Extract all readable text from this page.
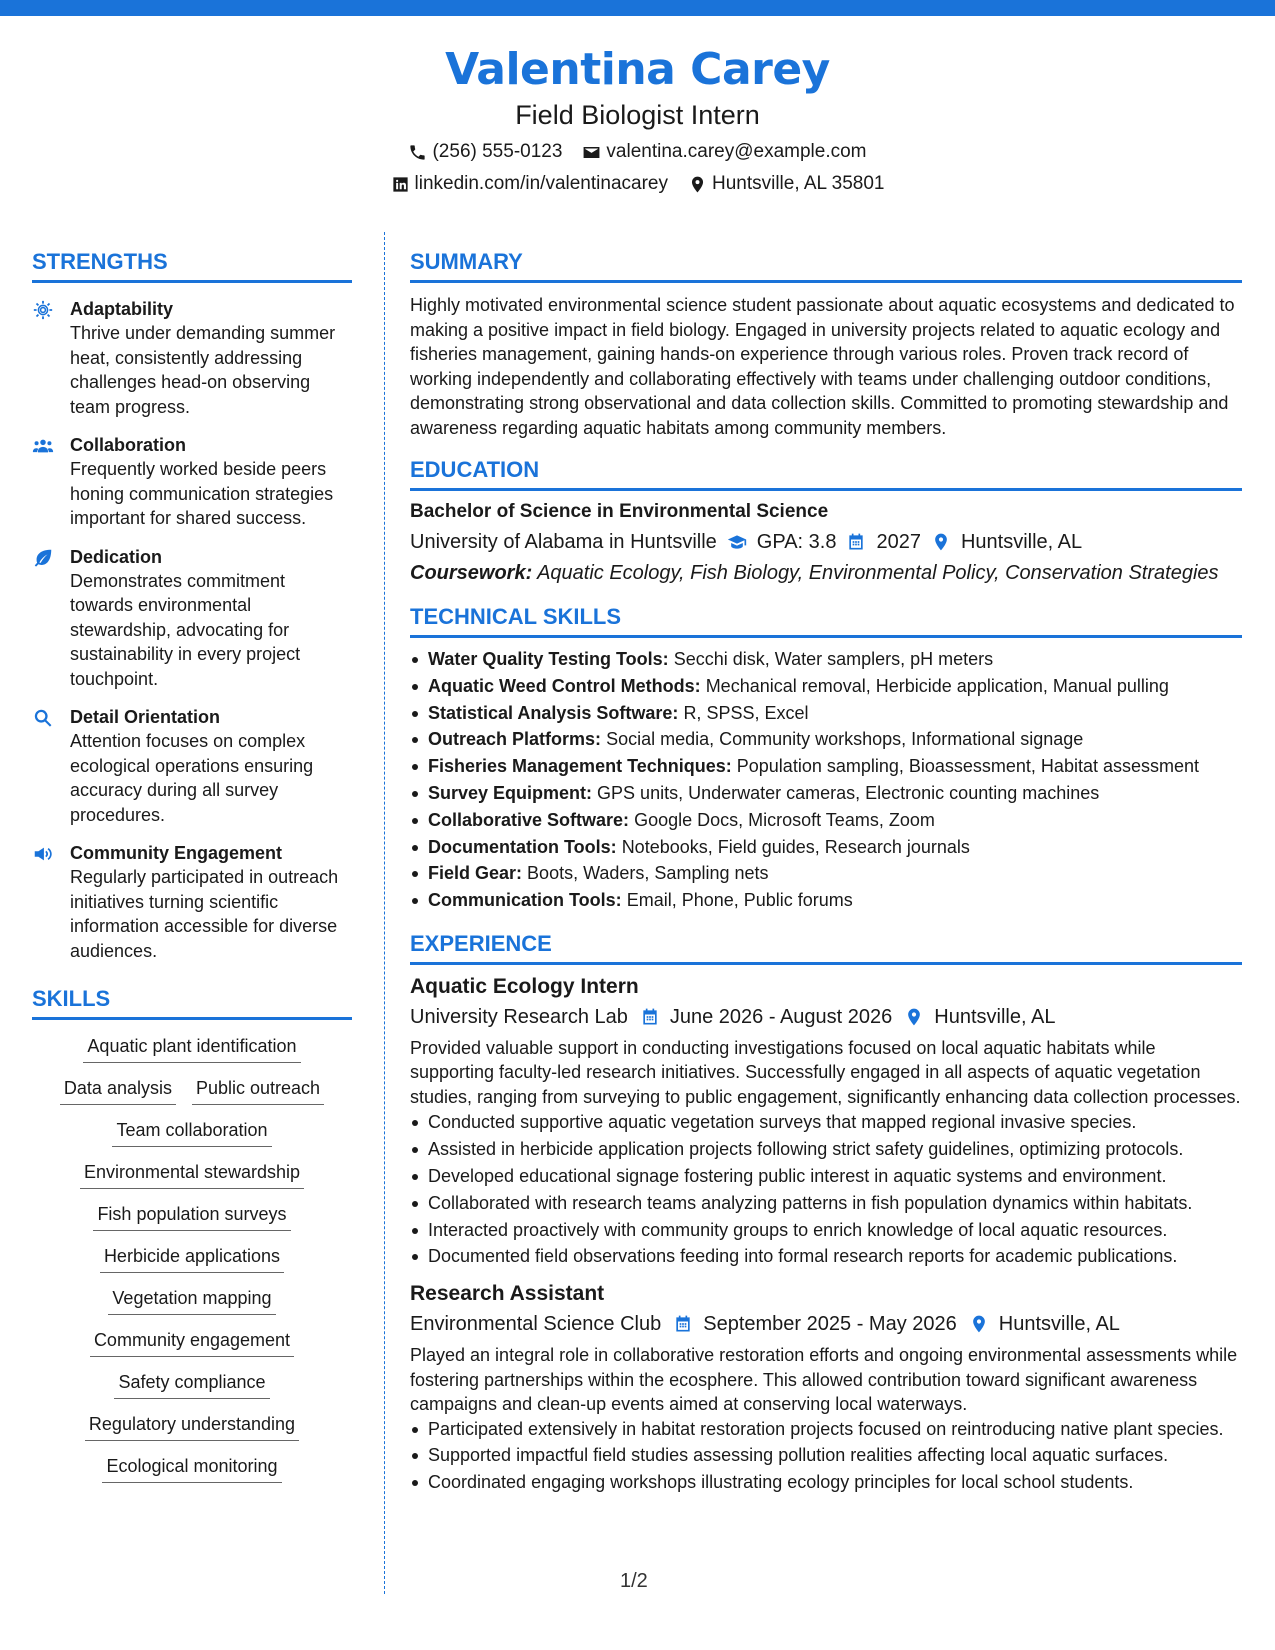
Valentina Carey
Field Biologist Intern
(256) 555-0123 valentina.carey@example.com
linkedin.com/in/valentinacarey Huntsville, AL 35801
STRENGTHS
Adaptability
Thrive under demanding summer heat, consistently addressing challenges head-on observing team progress.
Collaboration
Frequently worked beside peers honing communication strategies important for shared success.
Dedication
Demonstrates commitment towards environmental stewardship, advocating for sustainability in every project touchpoint.
Detail Orientation
Attention focuses on complex ecological operations ensuring accuracy during all survey procedures.
Community Engagement
Regularly participated in outreach initiatives turning scientific information accessible for diverse audiences.
SKILLS
Aquatic plant identification
Data analysis Public outreach
Team collaboration
Environmental stewardship
Fish population surveys
Herbicide applications
Vegetation mapping
Community engagement
Safety compliance
Regulatory understanding
Ecological monitoring
SUMMARY
Highly motivated environmental science student passionate about aquatic ecosystems and dedicated to making a positive impact in field biology. Engaged in university projects related to aquatic ecology and fisheries management, gaining hands-on experience through various roles. Proven track record of working independently and collaborating effectively with teams under challenging outdoor conditions, demonstrating strong observational and data collection skills. Committed to promoting stewardship and awareness regarding aquatic habitats among community members.
EDUCATION
Bachelor of Science in Environmental Science
University of Alabama in Huntsville GPA: 3.8 2027 Huntsville, AL
Coursework: Aquatic Ecology, Fish Biology, Environmental Policy, Conservation Strategies
TECHNICAL SKILLS
Water Quality Testing Tools: Secchi disk, Water samplers, pH meters
Aquatic Weed Control Methods: Mechanical removal, Herbicide application, Manual pulling
Statistical Analysis Software: R, SPSS, Excel
Outreach Platforms: Social media, Community workshops, Informational signage
Fisheries Management Techniques: Population sampling, Bioassessment, Habitat assessment
Survey Equipment: GPS units, Underwater cameras, Electronic counting machines
Collaborative Software: Google Docs, Microsoft Teams, Zoom
Documentation Tools: Notebooks, Field guides, Research journals
Field Gear: Boots, Waders, Sampling nets
Communication Tools: Email, Phone, Public forums
EXPERIENCE
Aquatic Ecology Intern
University Research Lab June 2026 - August 2026 Huntsville, AL
Provided valuable support in conducting investigations focused on local aquatic habitats while supporting faculty-led research initiatives. Successfully engaged in all aspects of aquatic vegetation studies, ranging from surveying to public engagement, significantly enhancing data collection processes.
Conducted supportive aquatic vegetation surveys that mapped regional invasive species.
Assisted in herbicide application projects following strict safety guidelines, optimizing protocols.
Developed educational signage fostering public interest in aquatic systems and environment.
Collaborated with research teams analyzing patterns in fish population dynamics within habitats.
Interacted proactively with community groups to enrich knowledge of local aquatic resources.
Documented field observations feeding into formal research reports for academic publications.
Research Assistant
Environmental Science Club September 2025 - May 2026 Huntsville, AL
Played an integral role in collaborative restoration efforts and ongoing environmental assessments while fostering partnerships within the ecosphere. This allowed contribution toward significant awareness campaigns and clean-up events aimed at conserving local waterways.
Participated extensively in habitat restoration projects focused on reintroducing native plant species.
Supported impactful field studies assessing pollution realities affecting local aquatic surfaces.
Coordinated engaging workshops illustrating ecology principles for local school students.
1/2
